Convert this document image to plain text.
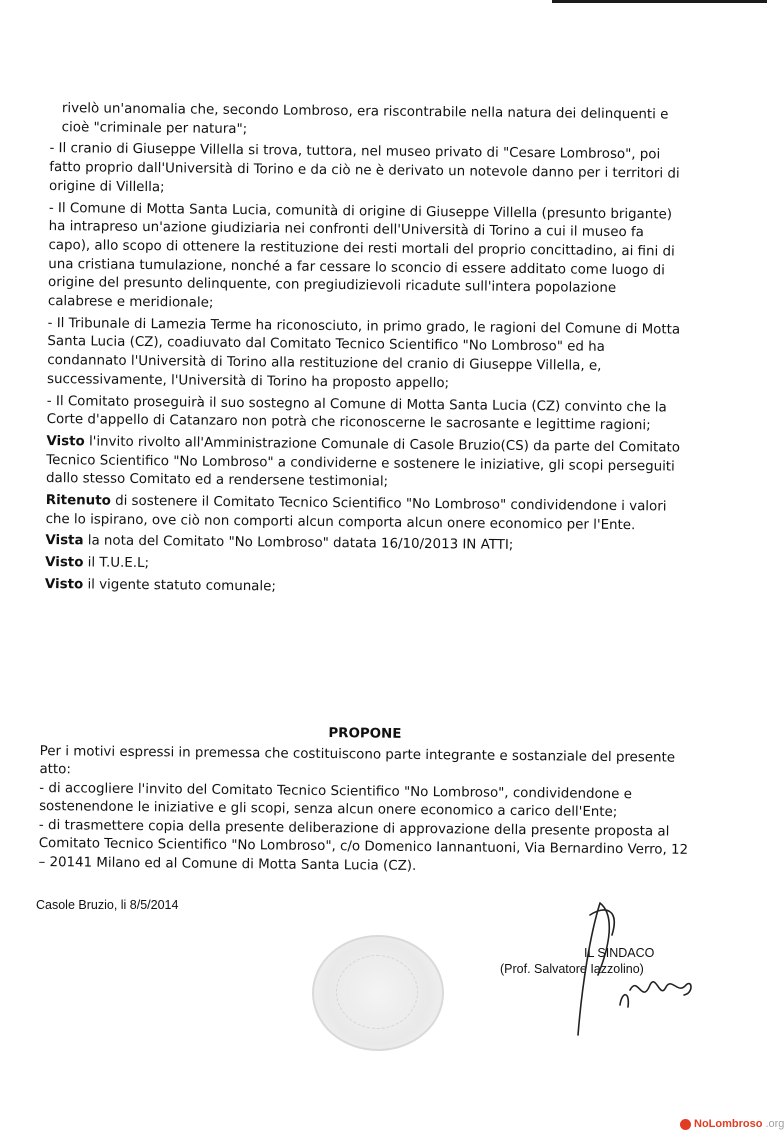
rivelò un'anomalia che, secondo Lombroso, era riscontrabile nella natura dei delinquenti e cioè "criminale per natura";

- Il cranio di Giuseppe Villella si trova, tuttora, nel museo privato di "Cesare Lombroso", poi fatto proprio dall'Università di Torino e da ciò ne è derivato un notevole danno per i territori di origine di Villella;

- Il Comune di Motta Santa Lucia, comunità di origine di Giuseppe Villella (presunto brigante) ha intrapreso un'azione giudiziaria nei confronti dell'Università di Torino a cui il museo fa capo), allo scopo di ottenere la restituzione dei resti mortali del proprio concittadino, ai fini di una cristiana tumulazione, nonché a far cessare lo sconcio di essere additato come luogo di origine del presunto delinquente, con pregiudizievoli ricadute sull'intera popolazione calabrese e meridionale;

- Il Tribunale di Lamezia Terme ha riconosciuto, in primo grado, le ragioni del Comune di Motta Santa Lucia (CZ), coadiuvato dal Comitato Tecnico Scientifico "No Lombroso" ed ha condannato l'Università di Torino alla restituzione del cranio di Giuseppe Villella, e, successivamente, l'Università di Torino ha proposto appello;

- Il Comitato proseguirà il suo sostegno al Comune di Motta Santa Lucia (CZ) convinto che la Corte d'appello di Catanzaro non potrà che riconoscerne le sacrosante e legittime ragioni;

Visto l'invito rivolto all'Amministrazione Comunale di Casole Bruzio(CS) da parte del Comitato Tecnico Scientifico "No Lombroso" a condividerne e sostenere le iniziative, gli scopi perseguiti dallo stesso Comitato ed a rendersene testimonial;

Ritenuto di sostenere il Comitato Tecnico Scientifico "No Lombroso" condividendone i valori che lo ispirano, ove ciò non comporti alcun comporta alcun onere economico per l'Ente.

Vista la nota del Comitato "No Lombroso" datata 16/10/2013 IN ATTI;

Visto il T.U.E.L;

Visto il vigente statuto comunale;

PROPONE
Per i motivi espressi in premessa che costituiscono parte integrante e sostanziale del presente atto:
- di accogliere l'invito del Comitato Tecnico Scientifico "No Lombroso", condividendone e sostenendone le iniziative e gli scopi, senza alcun onere economico a carico dell'Ente;
- di trasmettere copia della presente deliberazione di approvazione della presente proposta al Comitato Tecnico Scientifico "No Lombroso", c/o Domenico Iannantuoni, Via Bernardino Verro, 12 – 20141 Milano ed al Comune di Motta Santa Lucia (CZ).
Casole Bruzio, li 8/5/2014
IL SINDACO
(Prof. Salvatore Iazzolino)
NoLombroso .org
